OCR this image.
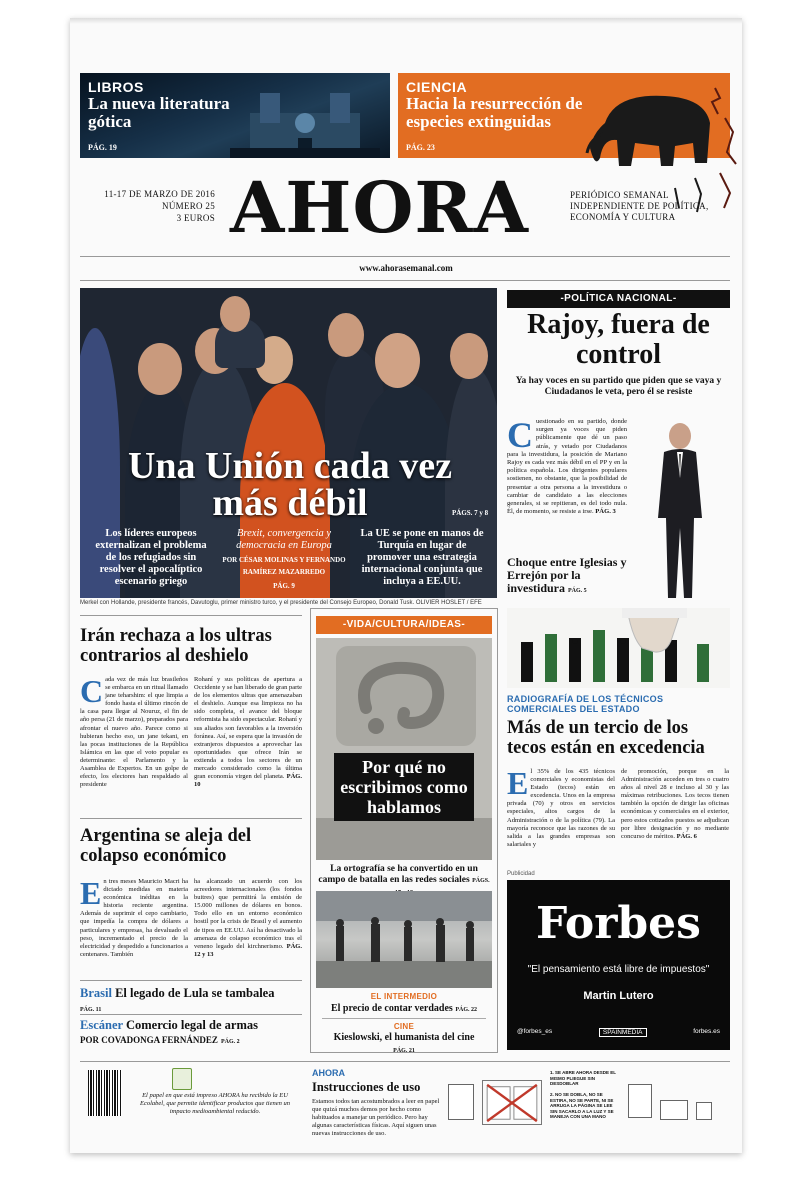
LIBROS
La nueva literatura gótica
PÁG. 19
CIENCIA
Hacia la resurrección de especies extinguidas
PÁG. 23
11-17 DE MARZO DE 2016
NÚMERO 25
3 EUROS AHORA	PERIÓDICO SEMANAL INDEPENDIENTE DE POLÍTICA, ECONOMÍA Y CULTURA
www.ahorasemanal.com
Una Unión cada vez más débil	PÁGS. 7 y 8
Los líderes europeos externalizan el problema de los refugiados sin resolver el apocalíptico escenario griego
Brexit, convergencia y democracia en Europa
POR CÉSAR MOLINAS Y FERNANDO RAMÍREZ MAZARREDO
PÁG. 9
La UE se pone en manos de Turquía en lugar de promover una estrategia internacional conjunta que incluya a EE.UU.
Merkel con Hollande, presidente francés, Davutoglu, primer ministro turco, y el presidente del Consejo Europeo, Donald Tusk. OLIVIER HOSLET / EFE
-POLÍTICA NACIONAL-
Rajoy, fuera de control
Ya hay voces en su partido que piden que se vaya y Ciudadanos le veta, pero él se resiste
Cuestionado en su partido, donde surgen ya voces que piden públicamente que dé un paso atrás, y vetado por Ciudadanos para la investidura, la posición de Mariano Rajoy es cada vez más débil en el PP y en la política española. Los dirigentes populares sostienen, no obstante, que la posibilidad de presentar a otra persona a la investidura o cambiar de candidato a las elecciones generales, si se repitieran, es del todo nula. Él, de momento, se resiste a irse. PÁG. 3
Choque entre Iglesias y Errejón por la investidura PÁG. 5
Irán rechaza a los ultras contrarios al deshielo
Cada vez de más luz brasileños se embarca en un ritual llamado jane teharshim: el que limpia a fondo hasta el último rincón de la casa para llegar al Nouruz, el fin de año persa (21 de marzo), preparados para afrontar el nuevo año. Parece como si hubieran hecho eso, un jane tekani, en las pocas instituciones de la República Islámica en las que el voto popular es determinante: el Parlamento y la Asamblea de Expertos. En un golpe de efecto, los electores han respaldado al presidente
Rohaní y sus políticas de apertura a Occidente y se han liberado de gran parte de los elementos ultras que amenazaban el deshielo. Aunque esa limpieza no ha sido completa, el avance del bloque reformista ha sido espectacular. Rohaní y sus aliados son favorables a la inversión foránea. Así, se espera que la invasión de extranjeros dispuestos a aprovechar las oportunidades que ofrece Irán se extienda a todos los sectores de un mercado considerado como la última gran economía virgen del planeta. PÁG. 10
Argentina se aleja del colapso económico
En tres meses Mauricio Macri ha dictado medidas en materia económica inéditas en la historia reciente argentina. Además de suprimir el cepo cambiario, que impedía la compra de dólares a particulares y empresas, ha devaluado el peso, incrementado el precio de la electricidad y despedido a funcionarios a centenares. También
ha alcanzado un acuerdo con los acreedores internacionales (los fondos buitres) que permitirá la emisión de 15.000 millones de dólares en bonos. Todo ello en un entorno económico hostil por la crisis de Brasil y el aumento de tipos en EE.UU. Así ha desactivado la amenaza de colapso económico tras el veneno legado del kirchnerismo. PÁG. 12 y 13
Brasil El legado de Lula se tambalea
PÁG. 11
Escáner Comercio legal de armas
POR COVADONGA FERNÁNDEZ PÁG. 2
-VIDA/CULTURA/IDEAS-
Por qué no escribimos como hablamos
La ortografía se ha convertido en un campo de batalla en las redes sociales PÁGS.
EL INTERMEDIO
El precio de contar verdades PÁG. 22
CINE
Kieslowski, el humanista del cine
PÁG. 21
RADIOGRAFÍA DE LOS TÉCNICOS COMERCIALES DEL ESTADO
Más de un tercio de los tecos están en excedencia
El 35% de los 435 técnicos comerciales y economistas del Estado (tecos) están en excedencia. Unos en la empresa privada (70) y otros en servicios especiales, altos cargos de la Administración o de la política (79). La mayoría reconoce que las razones de su salida a las grandes empresas son salariales y
de promoción, porque en la Administración acceden en tres o cuatro años al nivel 28 e incluso al 30 y las máximas retribuciones. Los tecos tienen también la opción de dirigir las oficinas económicas y comerciales en el exterior, pero estos cotizados puestos se adjudican por libre designación y no mediante concurso de méritos. PÁG. 6
Publicidad
Forbes
"El pensamiento está libre de impuestos"
Martin Lutero
@forbes_es	SPAINMEDIA	forbes.es
El papel en que está impreso AHORA ha recibido la EU Ecolabel, que permite identificar productos que tienen un impacto medioambiental reducido.
AHORA
Instrucciones de uso
Estamos todos tan acostumbrados a leer en papel que quizá muchos demos por hecho como habituados a manejar un periódico. Pero hay algunas características físicas. Aquí siguen unas nuevas instrucciones de uso.
1. SE ABRE AHORA DESDE EL MISMO PLIEGUE SIN DESDOBLAR
2. NO SE DOBLA, NO SE ESTIRA, NO SE PARTE, NI SE ARRUGA LA PÁGINA SE LEE SIN SACARLO A LA LUZ Y SE MANEJA CON UNA MANO
